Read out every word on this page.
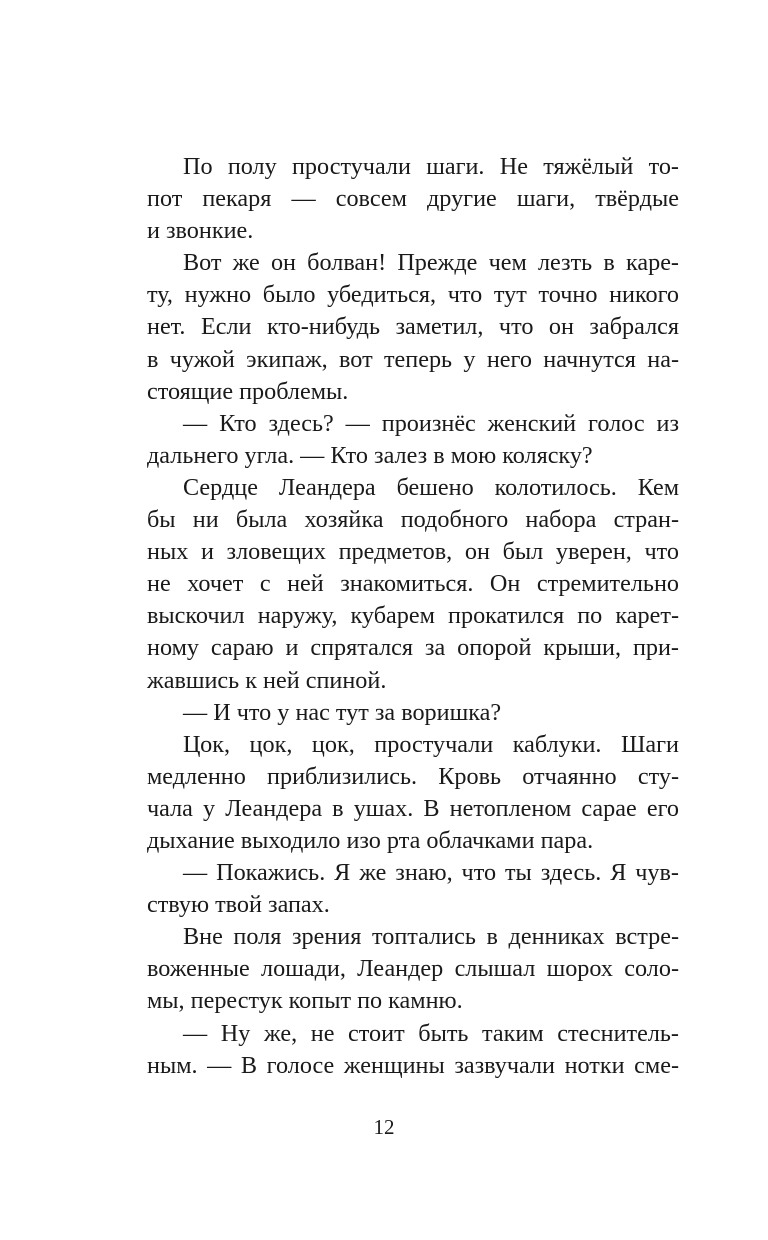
По полу простучали шаги. Не тяжёлый то-
пот пекаря — совсем другие шаги, твёрдые
и звонкие.

Вот же он болван! Прежде чем лезть в каре-
ту, нужно было убедиться, что тут точно никого
нет. Если кто-нибудь заметил, что он забрался
в чужой экипаж, вот теперь у него начнутся на-
стоящие проблемы.

— Кто здесь? — произнёс женский голос из
дальнего угла. — Кто залез в мою коляску?

Сердце Леандера бешено колотилось. Кем
бы ни была хозяйка подобного набора стран-
ных и зловещих предметов, он был уверен, что
не хочет с ней знакомиться. Он стремительно
выскочил наружу, кубарем прокатился по карет-
ному сараю и спрятался за опорой крыши, при-
жавшись к ней спиной.

— И что у нас тут за воришка?

Цок, цок, цок, простучали каблуки. Шаги
медленно приблизились. Кровь отчаянно сту-
чала у Леандера в ушах. В нетопленом сарае его
дыхание выходило изо рта облачками пара.

— Покажись. Я же знаю, что ты здесь. Я чув-
ствую твой запах.

Вне поля зрения топтались в денниках встре-
воженные лошади, Леандер слышал шорох соло-
мы, перестук копыт по камню.

— Ну же, не стоит быть таким стеснитель-
ным. — В голосе женщины зазвучали нотки сме-

12
